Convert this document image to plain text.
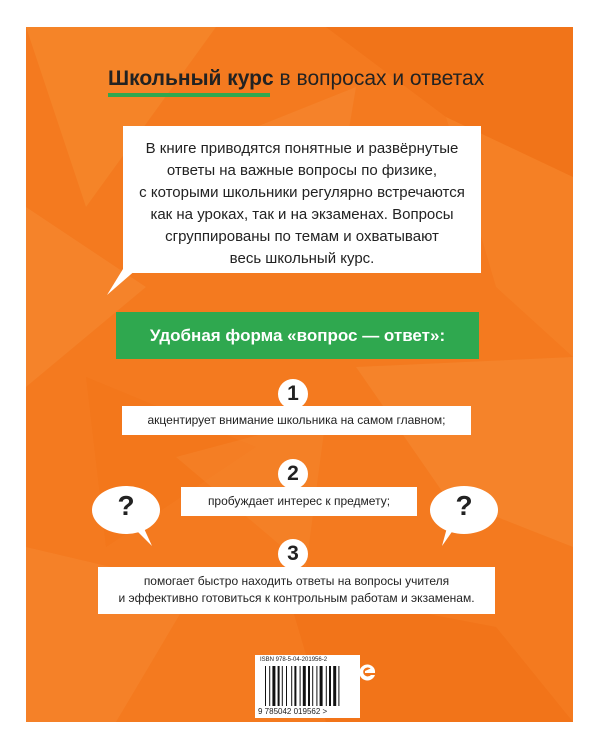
Школьный курс в вопросах и ответах
В книге приводятся понятные и развёрнутые
ответы на важные вопросы по физике,
с которыми школьники регулярно встречаются
как на уроках, так и на экзаменах. Вопросы
сгруппированы по темам и охватывают
весь школьный курс.
Удобная форма «вопрос — ответ»:
1
акцентирует внимание школьника на самом главном;
2
пробуждает интерес к предмету;
3
помогает быстро находить ответы на вопросы учителя
и эффективно готовиться к контрольным работам и экзаменам.
?	?
ISBN 978-5-04-201956-2
9 785042 019562 >
